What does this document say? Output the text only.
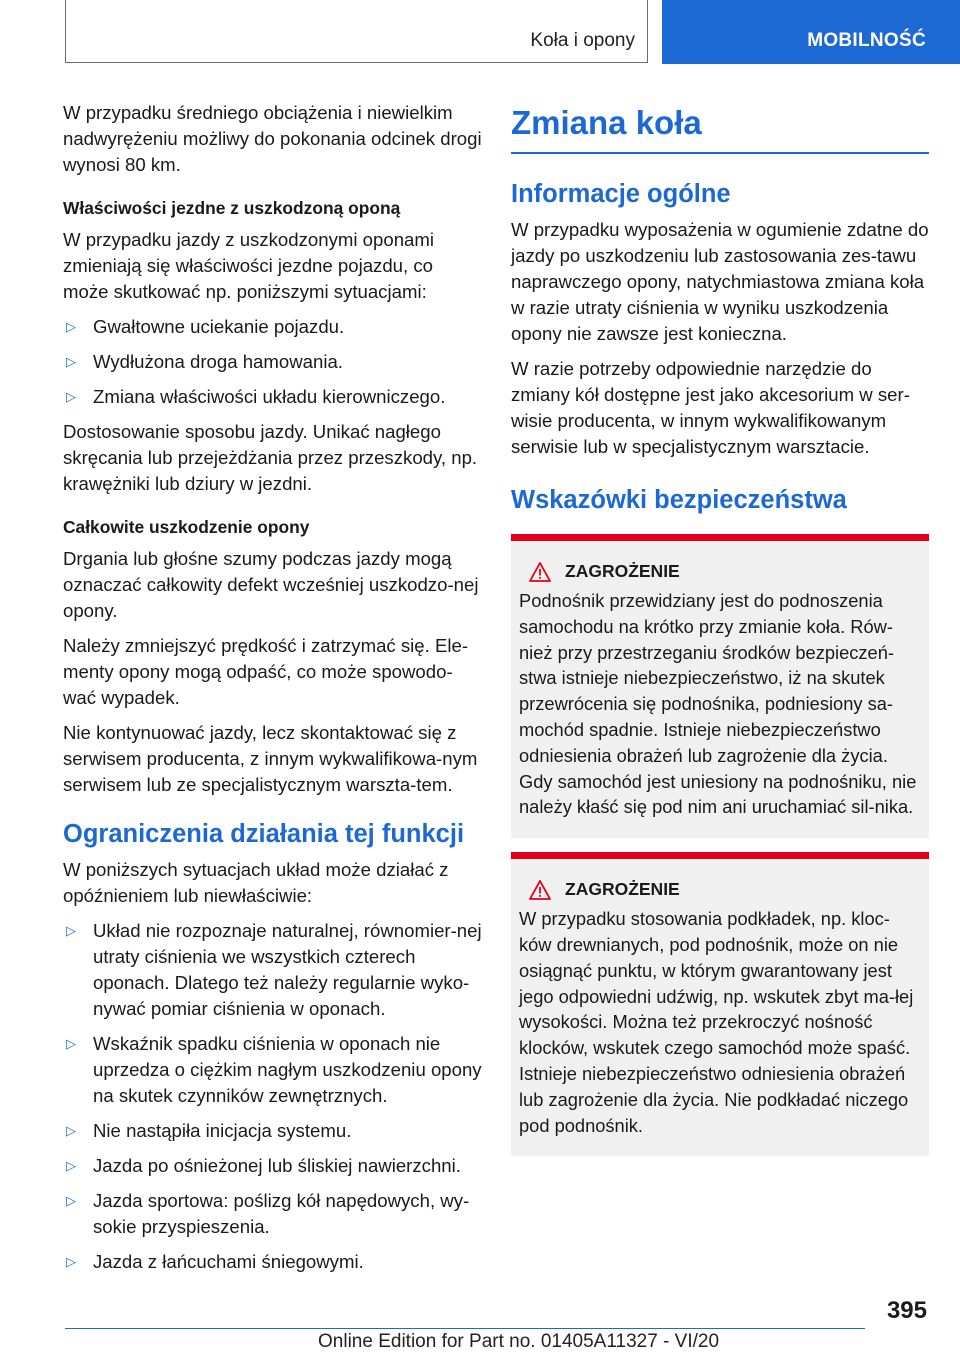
Koła i opony	MOBILNOŚĆ

W przypadku średniego obciążenia i niewielkim nadwyrężeniu możliwy do pokonania odcinek drogi wynosi 80 km.

Właściwości jezdne z uszkodzoną oponą

W przypadku jazdy z uszkodzonymi oponami zmieniają się właściwości jezdne pojazdu, co może skutkować np. poniższymi sytuacjami:

▷ Gwałtowne uciekanie pojazdu.
▷ Wydłużona droga hamowania.
▷ Zmiana właściwości układu kierowniczego.

Dostosowanie sposobu jazdy. Unikać nagłego skręcania lub przejeżdżania przez przeszkody, np. krawężniki lub dziury w jezdni.

Całkowite uszkodzenie opony

Drgania lub głośne szumy podczas jazdy mogą oznaczać całkowity defekt wcześniej uszkodzo-nej opony.

Należy zmniejszyć prędkość i zatrzymać się. Ele-menty opony mogą odpaść, co może spowodo-wać wypadek.

Nie kontynuować jazdy, lecz skontaktować się z serwisem producenta, z innym wykwalifikowa-nym serwisem lub ze specjalistycznym warszta-tem.

Ograniczenia działania tej funkcji

W poniższych sytuacjach układ może działać z opóźnieniem lub niewłaściwie:

▷ Układ nie rozpoznaje naturalnej, równomier-nej utraty ciśnienia we wszystkich czterech oponach. Dlatego też należy regularnie wyko-nywać pomiar ciśnienia w oponach.
▷ Wskaźnik spadku ciśnienia w oponach nie uprzedza o ciężkim nagłym uszkodzeniu opony na skutek czynników zewnętrznych.
▷ Nie nastąpiła inicjacja systemu.
▷ Jazda po ośnieżonej lub śliskiej nawierzchni.
▷ Jazda sportowa: poślizg kół napędowych, wy-sokie przyspieszenia.
▷ Jazda z łańcuchami śniegowymi.
Zmiana koła
Informacje ogólne

W przypadku wyposażenia w ogumienie zdatne do jazdy po uszkodzeniu lub zastosowania zes-tawu naprawczego opony, natychmiastowa zmiana koła w razie utraty ciśnienia w wyniku uszkodzenia opony nie zawsze jest konieczna.

W razie potrzeby odpowiednie narzędzie do zmiany kół dostępne jest jako akcesorium w ser-wisie producenta, w innym wykwalifikowanym serwisie lub w specjalistycznym warsztacie.

Wskazówki bezpieczeństwa
ZAGROŻENIE

Podnośnik przewidziany jest do podnoszenia samochodu na krótko przy zmianie koła. Rów-nież przy przestrzeganiu środków bezpieczeń-stwa istnieje niebezpieczeństwo, iż na skutek przewrócenia się podnośnika, podniesiony sa-mochód spadnie. Istnieje niebezpieczeństwo odniesienia obrażeń lub zagrożenie dla życia. Gdy samochód jest uniesiony na podnośniku, nie należy kłaść się pod nim ani uruchamiać sil-nika.

ZAGROŻENIE

W przypadku stosowania podkładek, np. kloc-ków drewnianych, pod podnośnik, może on nie osiągnąć punktu, w którym gwarantowany jest jego odpowiedni udźwig, np. wskutek zbyt ma-łej wysokości. Można też przekroczyć nośność klocków, wskutek czego samochód może spaść. Istnieje niebezpieczeństwo odniesienia obrażeń lub zagrożenie dla życia. Nie podkładać niczego pod podnośnik.

395
Online Edition for Part no. 01405A11327 - VI/20
